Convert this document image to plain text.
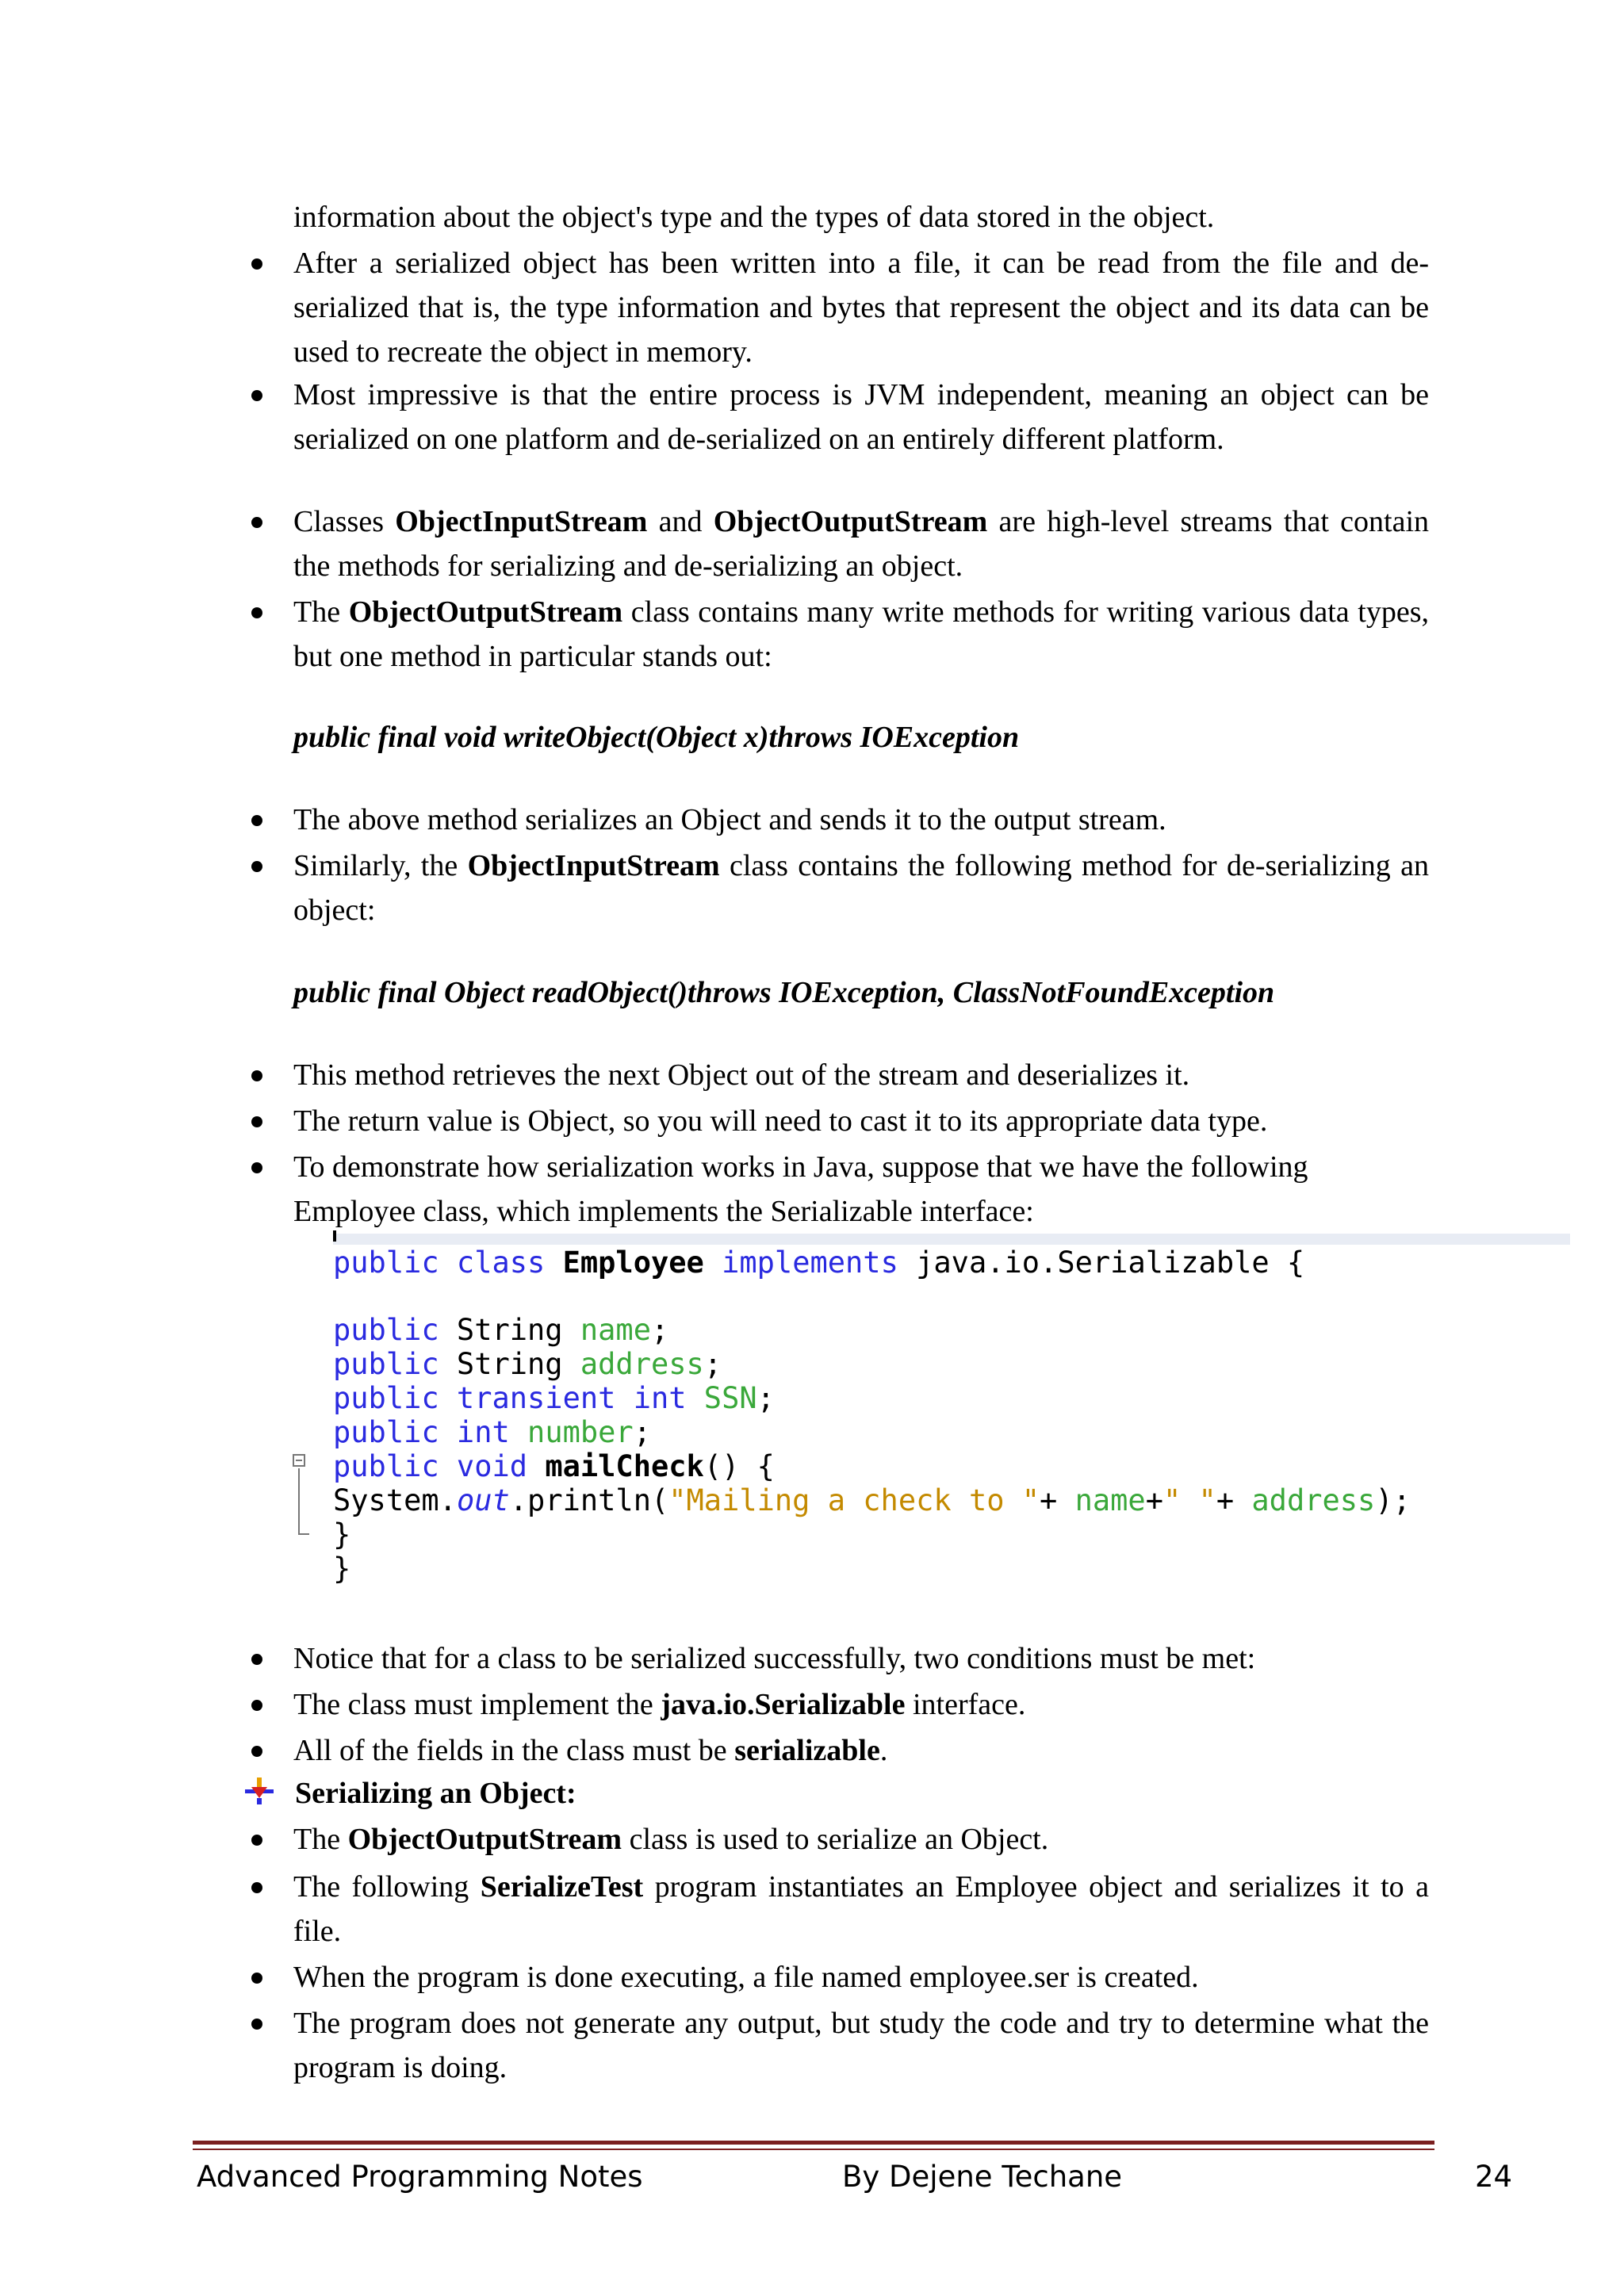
information about the object's type and the types of data stored in the object.

After a serialized object has been written into a file, it can be read from the file and de-serialized that is, the type information and bytes that represent the object and its data can be used to recreate the object in memory.

Most impressive is that the entire process is JVM independent, meaning an object can be serialized on one platform and de-serialized on an entirely different platform.

Classes ObjectInputStream and ObjectOutputStream are high-level streams that contain the methods for serializing and de-serializing an object.

The ObjectOutputStream class contains many write methods for writing various data types, but one method in particular stands out:

public final void writeObject(Object x)throws IOException

The above method serializes an Object and sends it to the output stream.

Similarly, the ObjectInputStream class contains the following method for de-serializing an object:

public final Object readObject()throws IOException, ClassNotFoundException

This method retrieves the next Object out of the stream and deserializes it.

The return value is Object, so you will need to cast it to its appropriate data type.

To demonstrate how serialization works in Java, suppose that we have the following Employee class, which implements the Serializable interface:

public class Employee implements java.io.Serializable {
public String name;
public String address;
public transient int SSN;
public int number;
public void mailCheck() {
System.out.println("Mailing a check to "+ name+" "+ address);
}
}

Notice that for a class to be serialized successfully, two conditions must be met:

The class must implement the java.io.Serializable interface.

All of the fields in the class must be serializable.

Serializing an Object:

The ObjectOutputStream class is used to serialize an Object.

The following SerializeTest program instantiates an Employee object and serializes it to a file.

When the program is done executing, a file named employee.ser is created.

The program does not generate any output, but study the code and try to determine what the program is doing.

Advanced Programming Notes	By Dejene Techane	24
